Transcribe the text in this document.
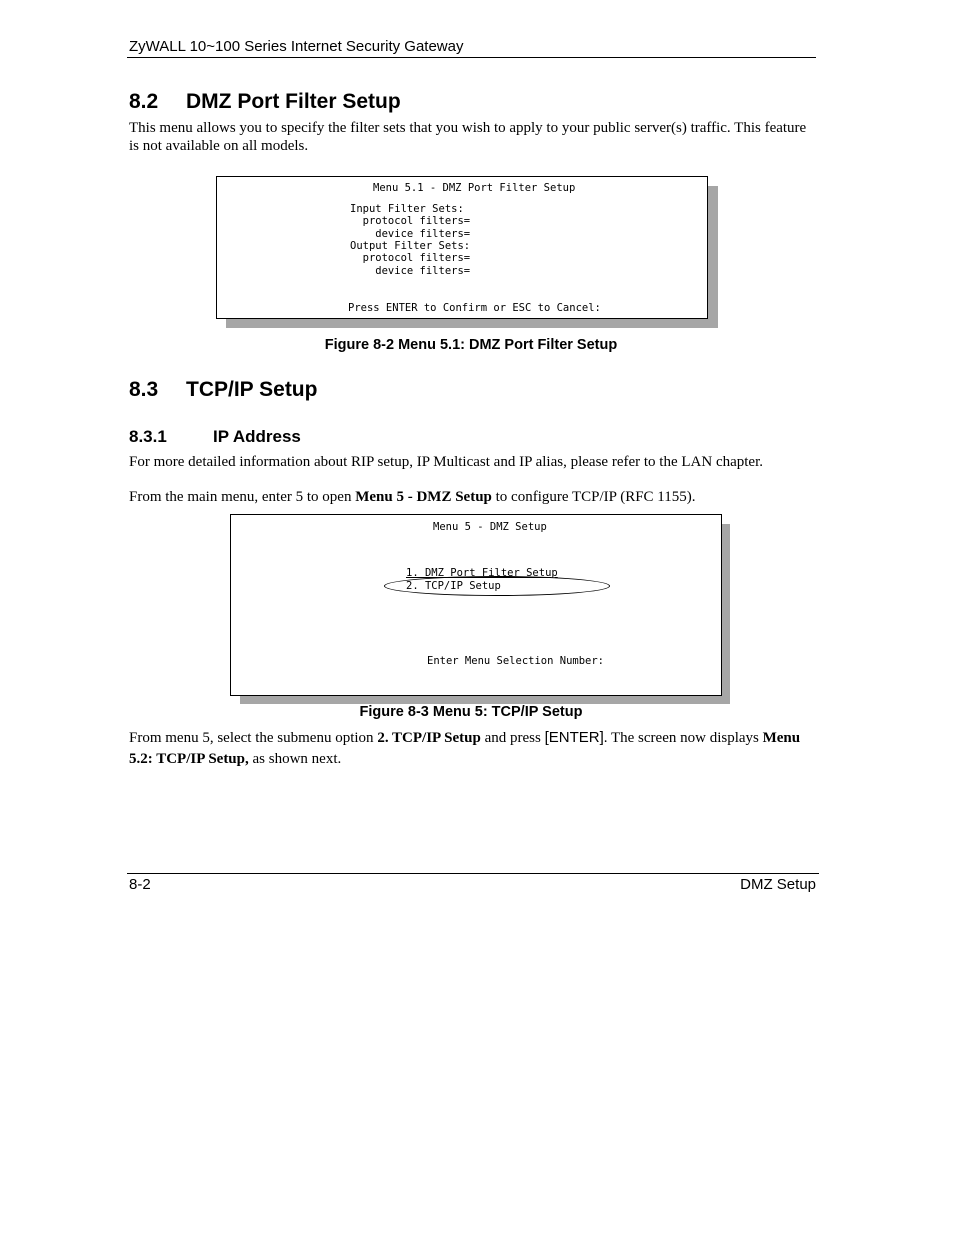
ZyWALL 10~100 Series Internet Security Gateway
8.2 DMZ Port Filter Setup
This menu allows you to specify the filter sets that you wish to apply to your public server(s) traffic. This feature is not available on all models.
Menu 5.1 - DMZ Port Filter Setup
Input Filter Sets:
protocol filters=
device filters=
Output Filter Sets:
protocol filters=
device filters=
Press ENTER to Confirm or ESC to Cancel:
Figure 8-2 Menu 5.1: DMZ Port Filter Setup
8.3 TCP/IP Setup
8.3.1	IP Address
For more detailed information about RIP setup, IP Multicast and IP alias, please refer to the LAN chapter.
From the main menu, enter 5 to open Menu 5 - DMZ Setup to configure TCP/IP (RFC 1155).
Menu 5 - DMZ Setup
1. DMZ Port Filter Setup
2. TCP/IP Setup
Enter Menu Selection Number:
Figure 8-3 Menu 5: TCP/IP Setup
From menu 5, select the submenu option 2. TCP/IP Setup and press [ENTER]. The screen now displays Menu 5.2: TCP/IP Setup, as shown next.
8-2	DMZ Setup
